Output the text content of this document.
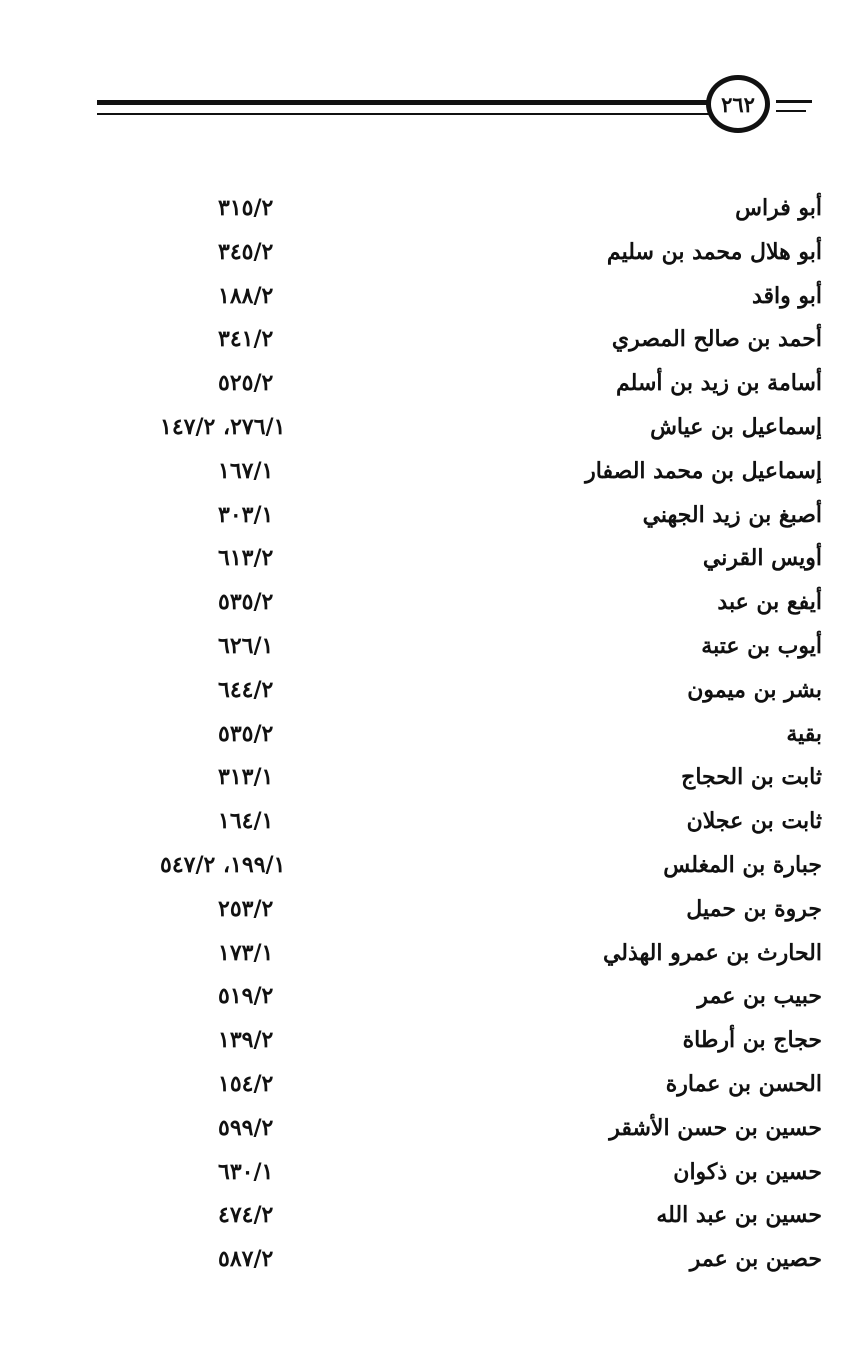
٢٦٢
أبو فراس
٣١٥/٢
أبو هلال محمد بن سليم
٣٤٥/٢
أبو واقد
١٨٨/٢
أحمد بن صالح المصري
٣٤١/٢
أسامة بن زيد بن أسلم
٥٢٥/٢
إسماعيل بن عياش
٢٧٦/١، ١٤٧/٢
إسماعيل بن محمد الصفار
١٦٧/١
أصبغ بن زيد الجهني
٣٠٣/١
أويس القرني
٦١٣/٢
أيفع بن عبد
٥٣٥/٢
أيوب بن عتبة
٦٢٦/١
بشر بن ميمون
٦٤٤/٢
بقية
٥٣٥/٢
ثابت بن الحجاج
٣١٣/١
ثابت بن عجلان
١٦٤/١
جبارة بن المغلس
١٩٩/١، ٥٤٧/٢
جروة بن حميل
٢٥٣/٢
الحارث بن عمرو الهذلي
١٧٣/١
حبيب بن عمر
٥١٩/٢
حجاج بن أرطاة
١٣٩/٢
الحسن بن عمارة
١٥٤/٢
حسين بن حسن الأشقر
٥٩٩/٢
حسين بن ذكوان
٦٣٠/١
حسين بن عبد الله
٤٧٤/٢
حصين بن عمر
٥٨٧/٢
